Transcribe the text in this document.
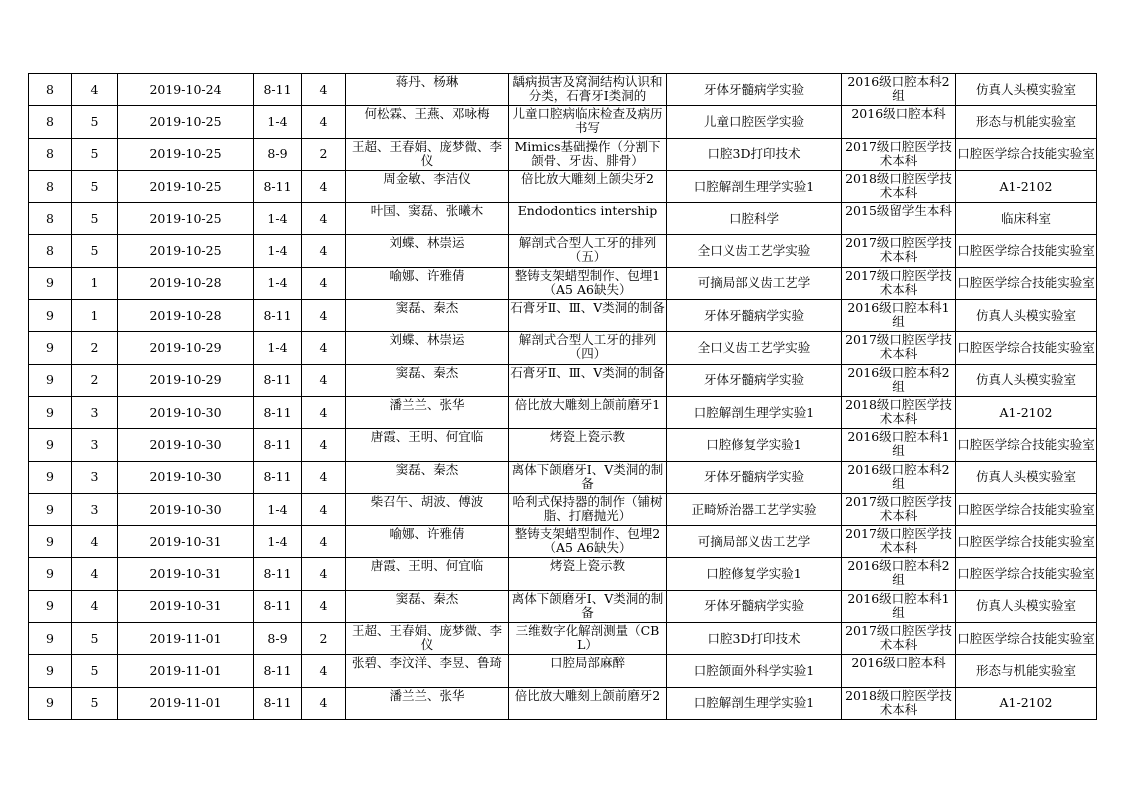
8	4	2019-10-24	8-11	4	蒋丹、杨琳	龋病损害及窝洞结构认识和分类，石膏牙Ⅰ类洞的	牙体牙髓病学实验	2016级口腔本科2组	仿真人头模实验室
8	5	2019-10-25	1-4	4	何松霖、王燕、邓咏梅	儿童口腔病临床检查及病历书写	儿童口腔医学实验	2016级口腔本科	形态与机能实验室
8	5	2019-10-25	8-9	2	王超、王春娟、庞梦微、李仪	Mimics基础操作（分割下颌骨、牙齿、腓骨）	口腔3D打印技术	2017级口腔医学技术本科	口腔医学综合技能实验室
8	5	2019-10-25	8-11	4	周金敏、李洁仪	倍比放大雕刻上颌尖牙2	口腔解剖生理学实验1	2018级口腔医学技术本科	A1-2102
8	5	2019-10-25	1-4	4	叶国、窦磊、张曦木	Endodontics intership	口腔科学	2015级留学生本科	临床科室
8	5	2019-10-25	1-4	4	刘蝶、林崇运	解剖式合型人工牙的排列（五）	全口义齿工艺学实验	2017级口腔医学技术本科	口腔医学综合技能实验室
9	1	2019-10-28	1-4	4	喻娜、许雅倩	整铸支架蜡型制作、包埋1（A5 A6缺失）	可摘局部义齿工艺学	2017级口腔医学技术本科	口腔医学综合技能实验室
9	1	2019-10-28	8-11	4	窦磊、秦杰	石膏牙Ⅱ、Ⅲ、Ⅴ类洞的制备	牙体牙髓病学实验	2016级口腔本科1组	仿真人头模实验室
9	2	2019-10-29	1-4	4	刘蝶、林崇运	解剖式合型人工牙的排列（四）	全口义齿工艺学实验	2017级口腔医学技术本科	口腔医学综合技能实验室
9	2	2019-10-29	8-11	4	窦磊、秦杰	石膏牙Ⅱ、Ⅲ、Ⅴ类洞的制备	牙体牙髓病学实验	2016级口腔本科2组	仿真人头模实验室
9	3	2019-10-30	8-11	4	潘兰兰、张华	倍比放大雕刻上颌前磨牙1	口腔解剖生理学实验1	2018级口腔医学技术本科	A1-2102
9	3	2019-10-30	8-11	4	唐霞、王明、何宜临	烤瓷上瓷示教	口腔修复学实验1	2016级口腔本科1组	口腔医学综合技能实验室
9	3	2019-10-30	8-11	4	窦磊、秦杰	离体下颌磨牙Ⅰ、Ⅴ类洞的制备	牙体牙髓病学实验	2016级口腔本科2组	仿真人头模实验室
9	3	2019-10-30	1-4	4	柴召午、胡波、傅波	哈利式保持器的制作（铺树脂、打磨抛光）	正畸矫治器工艺学实验	2017级口腔医学技术本科	口腔医学综合技能实验室
9	4	2019-10-31	1-4	4	喻娜、许雅倩	整铸支架蜡型制作、包埋2（A5 A6缺失）	可摘局部义齿工艺学	2017级口腔医学技术本科	口腔医学综合技能实验室
9	4	2019-10-31	8-11	4	唐霞、王明、何宜临	烤瓷上瓷示教	口腔修复学实验1	2016级口腔本科2组	口腔医学综合技能实验室
9	4	2019-10-31	8-11	4	窦磊、秦杰	离体下颌磨牙Ⅰ、Ⅴ类洞的制备	牙体牙髓病学实验	2016级口腔本科1组	仿真人头模实验室
9	5	2019-11-01	8-9	2	王超、王春娟、庞梦微、李仪	三维数字化解剖测量（CBL）	口腔3D打印技术	2017级口腔医学技术本科	口腔医学综合技能实验室
9	5	2019-11-01	8-11	4	张碧、李汶洋、李昱、鲁琦	口腔局部麻醉	口腔颌面外科学实验1	2016级口腔本科	形态与机能实验室
9	5	2019-11-01	8-11	4	潘兰兰、张华	倍比放大雕刻上颌前磨牙2	口腔解剖生理学实验1	2018级口腔医学技术本科	A1-2102
